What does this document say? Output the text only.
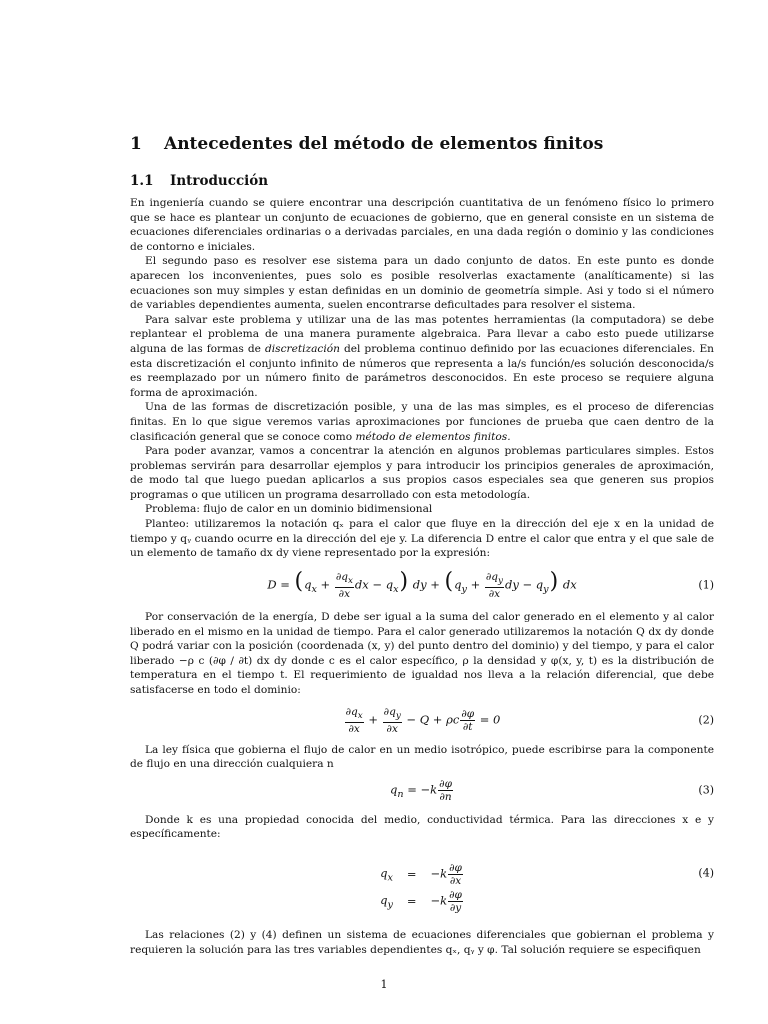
1 Antecedentes del método de elementos finitos
1.1 Introducción

En ingeniería cuando se quiere encontrar una descripción cuantitativa de un fenómeno físico lo primero que se hace es plantear un conjunto de ecuaciones de gobierno, que en general consiste en un sistema de ecuaciones diferenciales ordinarias o a derivadas parciales, en una dada región o dominio y las condiciones de contorno e iniciales.

El segundo paso es resolver ese sistema para un dado conjunto de datos. En este punto es donde aparecen los inconvenientes, pues solo es posible resolverlas exactamente (analíticamente) si las ecuaciones son muy simples y estan definidas en un dominio de geometría simple. Asi y todo si el número de variables dependientes aumenta, suelen encontrarse deficultades para resolver el sistema.

Para salvar este problema y utilizar una de las mas potentes herramientas (la computadora) se debe replantear el problema de una manera puramente algebraica. Para llevar a cabo esto puede utilizarse alguna de las formas de discretización del problema continuo definido por las ecuaciones diferenciales. En esta discretización el conjunto infinito de números que representa a la/s función/es solución desconocida/s es reemplazado por un número finito de parámetros desconocidos. En este proceso se requiere alguna forma de aproximación.

Una de las formas de discretización posible, y una de las mas simples, es el proceso de diferencias finitas. En lo que sigue veremos varias aproximaciones por funciones de prueba que caen dentro de la clasificación general que se conoce como método de elementos finitos.

Para poder avanzar, vamos a concentrar la atención en algunos problemas particulares simples. Estos problemas servirán para desarrollar ejemplos y para introducir los principios generales de aproximación, de modo tal que luego puedan aplicarlos a sus propios casos especiales sea que generen sus propios programas o que utilicen un programa desarrollado con esta metodología.

Problema: flujo de calor en un dominio bidimensional

Planteo: utilizaremos la notación qₓ para el calor que fluye en la dirección del eje x en la unidad de tiempo y qᵧ cuando ocurre en la dirección del eje y. La diferencia D entre el calor que entra y el que sale de un elemento de tamaño dx dy viene representado por la expresión:

$D = (q_x + \frac{\partial q_x}{\partial x}$ dx − $q_x$) dy + ($q_y + \frac{\partial q_y}{\partial x}$ dy − $q_y$) dx	(1)

Por conservación de la energía, D debe ser igual a la suma del calor generado en el elemento y al calor liberado en el mismo en la unidad de tiempo. Para el calor generado utilizaremos la notación Q dx dy donde Q podrá variar con la posición (coordenada (x, y) del punto dentro del dominio) y del tiempo, y para el calor liberado −ρ c (∂φ / ∂t) dx dy donde c es el calor específico, ρ la densidad y φ(x, y, t) es la distribución de temperatura en el tiempo t. El requerimiento de igualdad nos lleva a la relación diferencial, que debe satisfacerse en todo el dominio:

$\frac{\partial q_x}{\partial x} + \frac{\partial q_y}{\partial x} - Q + \rho c \frac{\partial\varphi}{\partial t} = 0$	(2)

La ley física que gobierna el flujo de calor en un medio isotrópico, puede escribirse para la componente de flujo en una dirección cualquiera n

$q_n = -k \frac{\partial\varphi}{\partial n}$	(3)

Donde k es una propiedad conocida del medio, conductividad térmica. Para las direcciones x e y específicamente:

$q_x = -k \frac{\partial\varphi}{\partial x}$
$q_y = -k \frac{\partial\varphi}{\partial y}$
(4)

Las relaciones (2) y (4) definen un sistema de ecuaciones diferenciales que gobiernan el problema y requieren la solución para las tres variables dependientes qₓ, qᵧ y φ. Tal solución requiere se especifiquen

1
